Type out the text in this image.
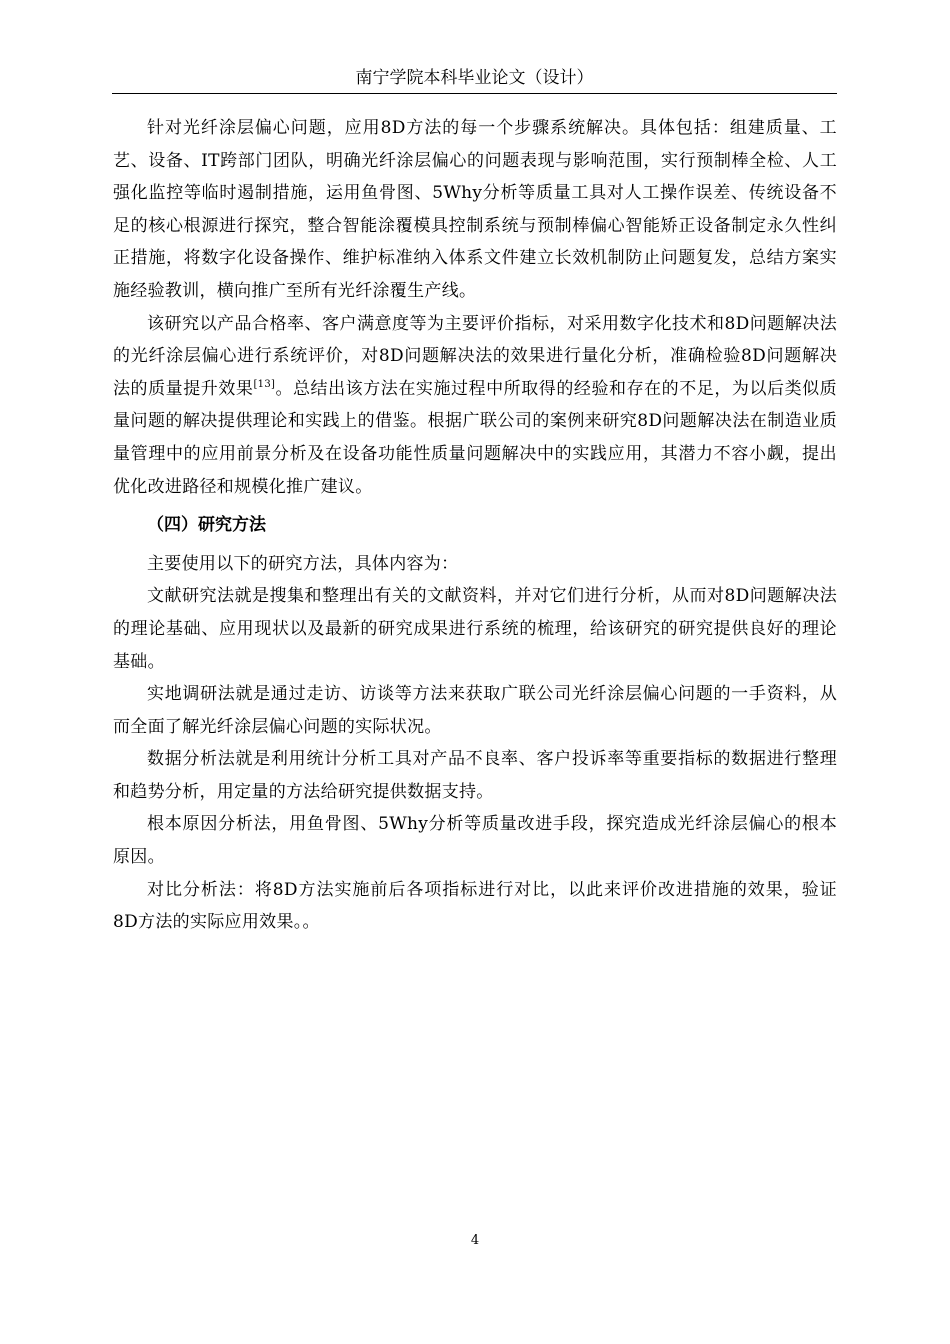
南宁学院本科毕业论文（设计）

针对光纤涂层偏心问题，应用8D方法的每一个步骤系统解决。具体包括：组建质量、工艺、设备、IT跨部门团队，明确光纤涂层偏心的问题表现与影响范围，实行预制棒全检、人工强化监控等临时遏制措施，运用鱼骨图、5Why分析等质量工具对人工操作误差、传统设备不足的核心根源进行探究，整合智能涂覆模具控制系统与预制棒偏心智能矫正设备制定永久性纠正措施，将数字化设备操作、维护标准纳入体系文件建立长效机制防止问题复发，总结方案实施经验教训，横向推广至所有光纤涂覆生产线。

该研究以产品合格率、客户满意度等为主要评价指标，对采用数字化技术和8D问题解决法的光纤涂层偏心进行系统评价，对8D问题解决法的效果进行量化分析，准确检验8D问题解决法的质量提升效果[13]。总结出该方法在实施过程中所取得的经验和存在的不足，为以后类似质量问题的解决提供理论和实践上的借鉴。根据广联公司的案例来研究8D问题解决法在制造业质量管理中的应用前景分析及在设备功能性质量问题解决中的实践应用，其潜力不容小觑，提出优化改进路径和规模化推广建议。

（四）研究方法

主要使用以下的研究方法，具体内容为：

文献研究法就是搜集和整理出有关的文献资料，并对它们进行分析，从而对8D问题解决法的理论基础、应用现状以及最新的研究成果进行系统的梳理，给该研究的研究提供良好的理论基础。

实地调研法就是通过走访、访谈等方法来获取广联公司光纤涂层偏心问题的一手资料，从而全面了解光纤涂层偏心问题的实际状况。

数据分析法就是利用统计分析工具对产品不良率、客户投诉率等重要指标的数据进行整理和趋势分析，用定量的方法给研究提供数据支持。

根本原因分析法，用鱼骨图、5Why分析等质量改进手段，探究造成光纤涂层偏心的根本原因。

对比分析法：将8D方法实施前后各项指标进行对比，以此来评价改进措施的效果，验证8D方法的实际应用效果。。

4
